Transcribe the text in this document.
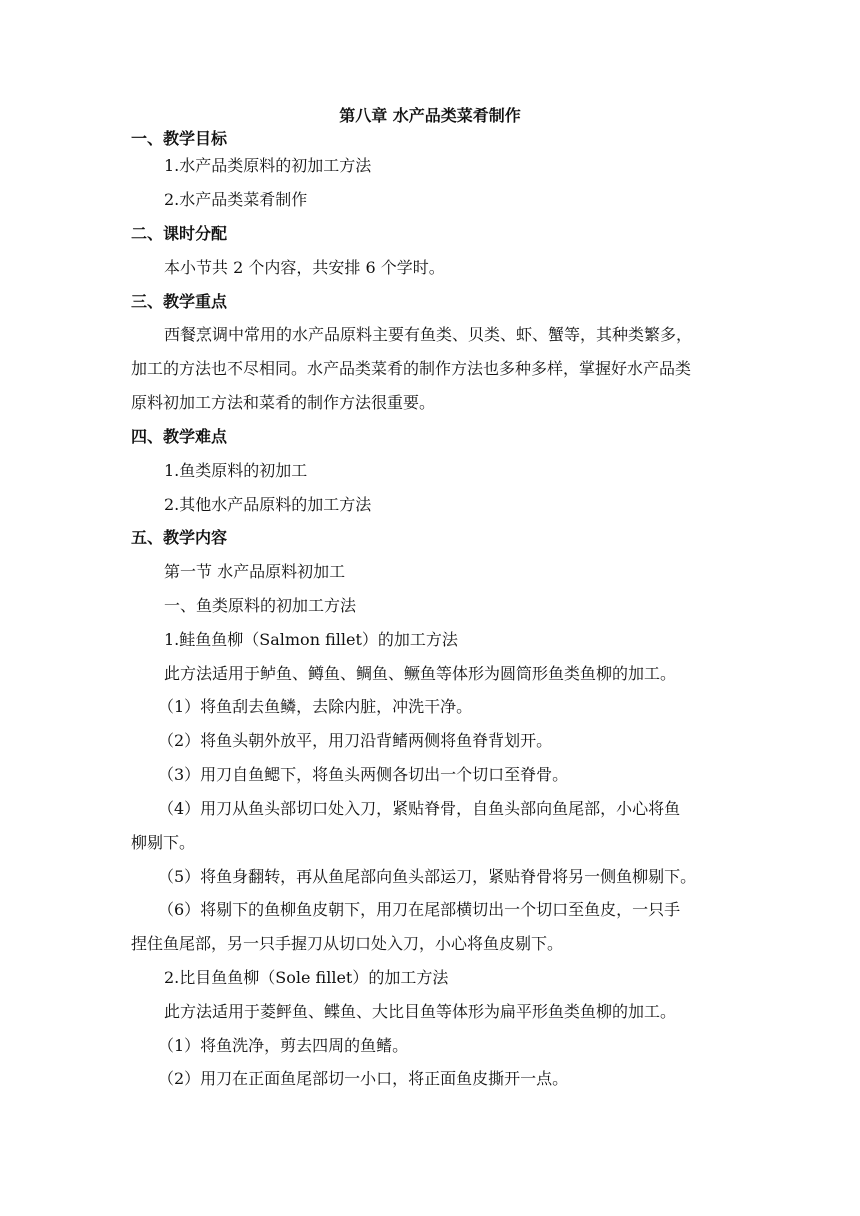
第八章 水产品类菜肴制作
一、教学目标
1.水产品类原料的初加工方法
2.水产品类菜肴制作
二、课时分配
本小节共 2 个内容，共安排 6 个学时。
三、教学重点
西餐烹调中常用的水产品原料主要有鱼类、贝类、虾、蟹等，其种类繁多，
加工的方法也不尽相同。水产品类菜肴的制作方法也多种多样，掌握好水产品类
原料初加工方法和菜肴的制作方法很重要。
四、教学难点
1.鱼类原料的初加工
2.其他水产品原料的加工方法
五、教学内容
第一节 水产品原料初加工
一、鱼类原料的初加工方法
1.鲑鱼鱼柳（Salmon fillet）的加工方法
此方法适用于鲈鱼、鳟鱼、鲷鱼、鳜鱼等体形为圆筒形鱼类鱼柳的加工。
（1）将鱼刮去鱼鳞，去除内脏，冲洗干净。
（2）将鱼头朝外放平，用刀沿背鳍两侧将鱼脊背划开。
（3）用刀自鱼鳃下，将鱼头两侧各切出一个切口至脊骨。
（4）用刀从鱼头部切口处入刀，紧贴脊骨，自鱼头部向鱼尾部，小心将鱼
柳剔下。
（5）将鱼身翻转，再从鱼尾部向鱼头部运刀，紧贴脊骨将另一侧鱼柳剔下。
（6）将剔下的鱼柳鱼皮朝下，用刀在尾部横切出一个切口至鱼皮，一只手
捏住鱼尾部，另一只手握刀从切口处入刀，小心将鱼皮剔下。
2.比目鱼鱼柳（Sole fillet）的加工方法
此方法适用于菱鲆鱼、鲽鱼、大比目鱼等体形为扁平形鱼类鱼柳的加工。
（1）将鱼洗净，剪去四周的鱼鳍。
（2）用刀在正面鱼尾部切一小口，将正面鱼皮撕开一点。
